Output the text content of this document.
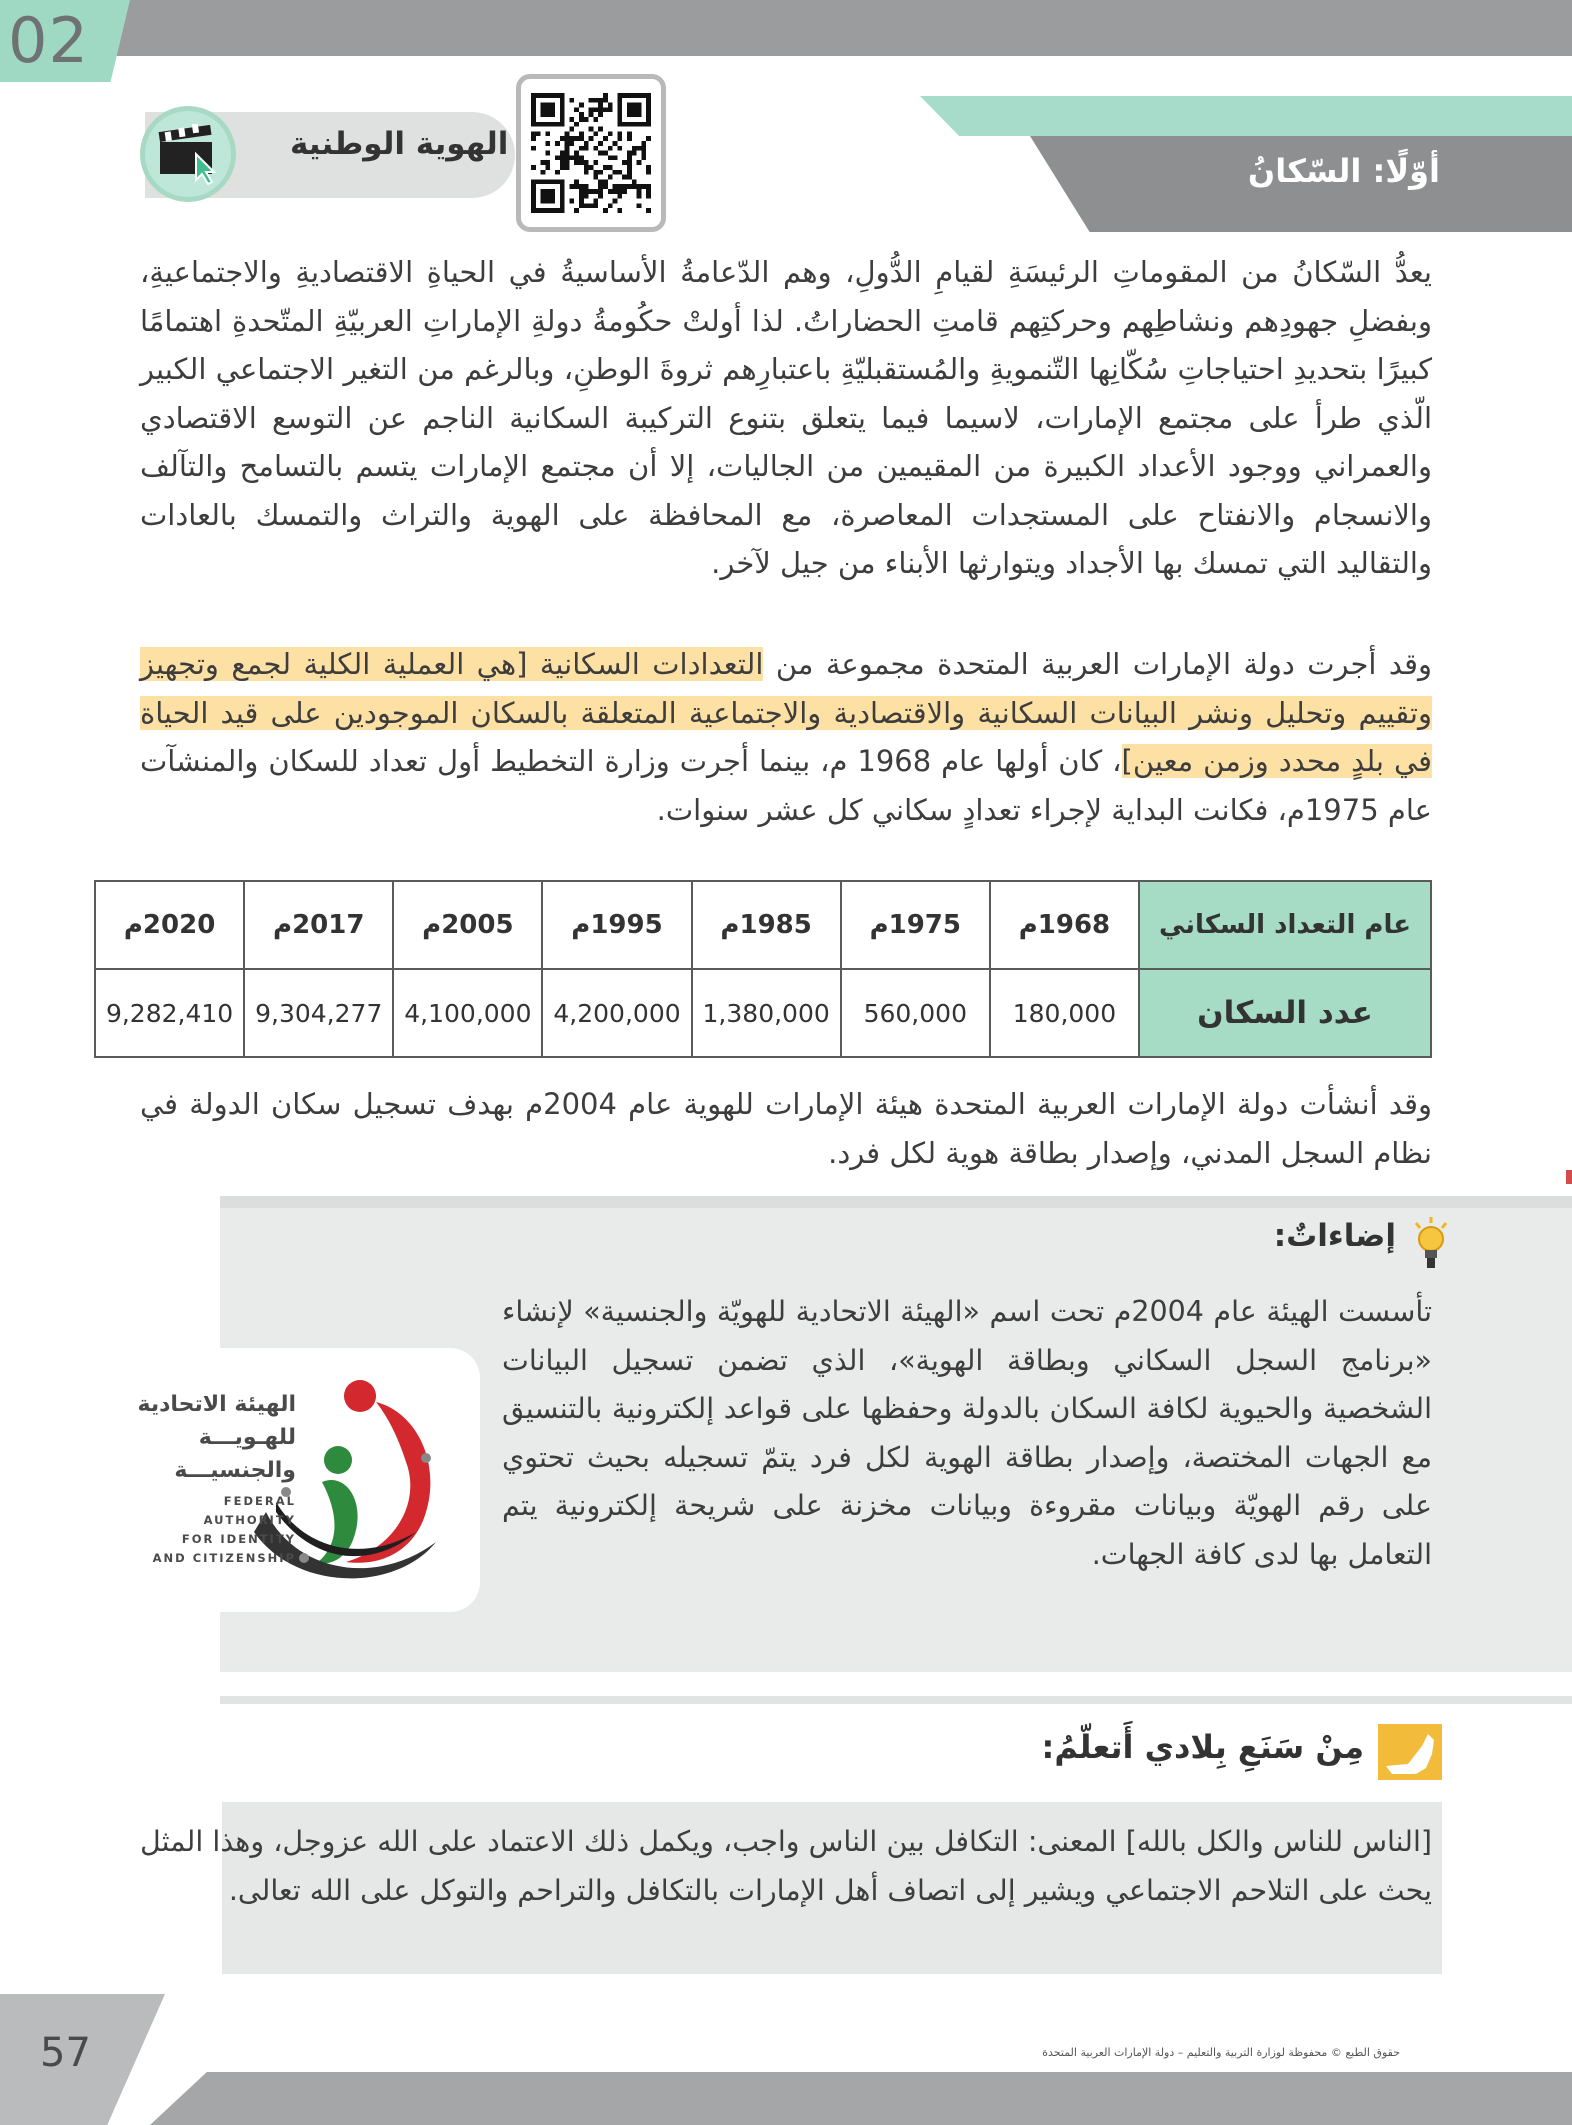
02
أوّلًا: السّكانُ
الهوية الوطنية
يعدُّ السّكانُ من المقوماتِ الرئيسَةِ لقيامِ الدُّولِ، وهم الدّعامةُ الأساسيةُ في الحياةِ الاقتصاديةِ والاجتماعيةِ، وبفضلِ جهودِهم ونشاطِهم وحركتِهم قامتِ الحضاراتُ. لذا أولتْ حكُومةُ دولةِ الإماراتِ العربيّةِ المتّحدةِ اهتمامًا كبيرًا بتحديدِ احتياجاتِ سُكّانِها التّنمويةِ والمُستقبليّةِ باعتبارِهم ثروةَ الوطنِ، وبالرغم من التغير الاجتماعي الكبير الّذي طرأ على مجتمع الإمارات، لاسيما فيما يتعلق بتنوع التركيبة السكانية الناجم عن التوسع الاقتصادي والعمراني ووجود الأعداد الكبيرة من المقيمين من الجاليات، إلا أن مجتمع الإمارات يتسم بالتسامح والتآلف والانسجام والانفتاح على المستجدات المعاصرة، مع المحافظة على الهوية والتراث والتمسك بالعادات والتقاليد التي تمسك بها الأجداد ويتوارثها الأبناء من جيل لآخر.
وقد أجرت دولة الإمارات العربية المتحدة مجموعة من التعدادات السكانية [هي العملية الكلية لجمع وتجهيز وتقييم وتحليل ونشر البيانات السكانية والاقتصادية والاجتماعية المتعلقة بالسكان الموجودين على قيد الحياة في بلدٍ محدد وزمن معين]، كان أولها عام 1968 م، بينما أجرت وزارة التخطيط أول تعداد للسكان والمنشآت عام 1975م، فكانت البداية لإجراء تعدادٍ سكاني كل عشر سنوات.
عام التعداد السكاني	1968م	1975م	1985م	1995م	2005م	2017م	2020م
عدد السكان	180,000	560,000	1,380,000	4,200,000	4,100,000	9,304,277	9,282,410
وقد أنشأت دولة الإمارات العربية المتحدة هيئة الإمارات للهوية عام 2004م بهدف تسجيل سكان الدولة في نظام السجل المدني، وإصدار بطاقة هوية لكل فرد.
إضاءاتٌ:
تأسست الهيئة عام 2004م تحت اسم «الهيئة الاتحادية للهويّة والجنسية» لإنشاء «برنامج السجل السكاني وبطاقة الهوية»، الذي تضمن تسجيل البيانات الشخصية والحيوية لكافة السكان بالدولة وحفظها على قواعد إلكترونية بالتنسيق مع الجهات المختصة، وإصدار بطاقة الهوية لكل فرد يتمّ تسجيله بحيث تحتوي على رقم الهويّة وبيانات مقروءة وبيانات مخزنة على شريحة إلكترونية يتم التعامل بها لدى كافة الجهات.
الهيئة الاتحادية
للهـويـــة
والجنسيـــة
FEDERAL AUTHORITY
FOR IDENTITY
AND CITIZENSHIP
مِنْ سَنَعِ بِلادي أَتعلّمُ:
[الناس للناس والكل بالله] المعنى: التكافل بين الناس واجب، ويكمل ذلك الاعتماد على الله عزوجل، وهذا المثل يحث على التلاحم الاجتماعي ويشير إلى اتصاف أهل الإمارات بالتكافل والتراحم والتوكل على الله تعالى.
57	حقوق الطبع © محفوظة لوزارة التربية والتعليم – دولة الإمارات العربية المتحدة
